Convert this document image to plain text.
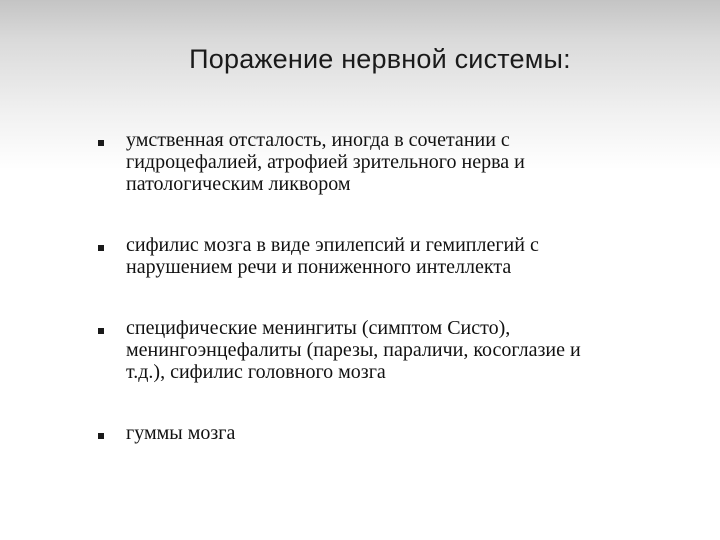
Поражение нервной системы:
умственная отсталость, иногда в сочетании с
гидроцефалией, атрофией зрительного нерва и
патологическим ликвором
сифилис мозга в виде эпилепсий и гемиплегий с
нарушением речи и пониженного интеллекта
специфические менингиты (симптом Систо),
менингоэнцефалиты (парезы, параличи, косоглазие и
т.д.), сифилис головного мозга
гуммы мозга
